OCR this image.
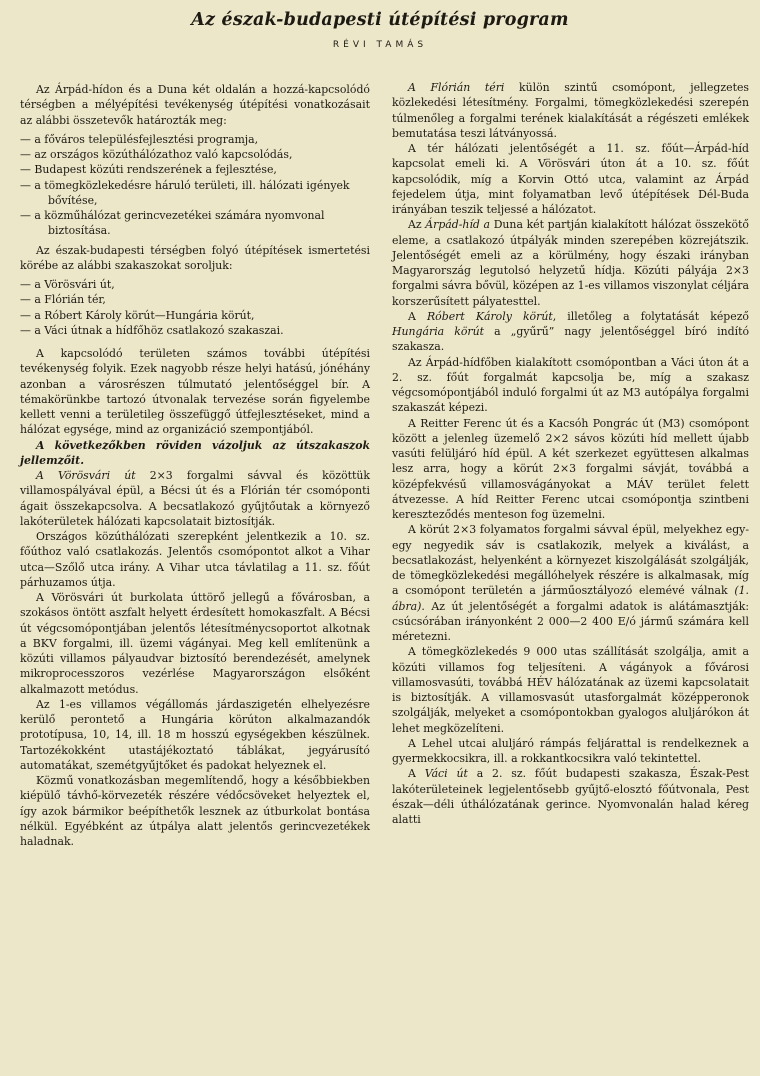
Az észak-budapesti útépítési program
RÉVI TAMÁS

Az Árpád-hídon és a Duna két oldalán a hozzá-kapcsolódó térségben a mélyépítési tevékenység útépítési vonatkozásait az alábbi összetevők határozták meg:

— a főváros településfejlesztési programja,

— az országos közúthálózathoz való kapcsolódás,

— Budapest közúti rendszerének a fejlesztése,

— a tömegközlekedésre háruló területi, ill. hálózati igények bővítése,

— a közműhálózat gerincvezetékei számára nyomvonal biztosítása.

Az észak-budapesti térségben folyó útépítések ismertetési körébe az alábbi szakaszokat soroljuk:

— a Vörösvári út,

— a Flórián tér,

— a Róbert Károly körút—Hungária körút,

— a Váci útnak a hídfőhöz csatlakozó szakaszai.

A kapcsolódó területen számos további útépítési tevékenység folyik. Ezek nagyobb része helyi hatású, jónéhány azonban a városrészen túlmutató jelentőséggel bír. A témakörünkbe tartozó útvonalak tervezése során figyelembe kellett venni a területileg összefüggő útfejlesztéseket, mind a hálózat egysége, mind az organizáció szempontjából.

A következőkben röviden vázoljuk az útszakaszok jellemzőit.

A Vörösvári út 2×3 forgalmi sávval és közöttük villamospályával épül, a Bécsi út és a Flórián tér csomóponti ágait összekapcsolva. A becsatlakozó gyűjtőutak a környező lakóterületek hálózati kapcsolatait biztosítják.

Országos közúthálózati szerepként jelentkezik a 10. sz. főúthoz való csatlakozás. Jelentős csomópontot alkot a Vihar utca—Szőlő utca irány. A Vihar utca távlatilag a 11. sz. főút párhuzamos útja.

A Vörösvári út burkolata úttörő jellegű a fővárosban, a szokásos öntött aszfalt helyett érdesített homokaszfalt. A Bécsi út végcsomópontjában jelentős létesítménycsoportot alkotnak a BKV forgalmi, ill. üzemi vágányai. Meg kell említenünk a közúti villamos pályaudvar biztosító berendezését, amelynek mikroprocesszoros vezérlése Magyarországon elsőként alkalmazott metódus.

Az 1-es villamos végállomás járdaszigetén elhelyezésre kerülő perontető a Hungária körúton alkalmazandók prototípusa, 10, 14, ill. 18 m hosszú egységekben készülnek. Tartozékokként utastájékoztató táblákat, jegyárusító automatákat, szemétgyűjtőket és padokat helyeznek el.

Közmű vonatkozásban megemlítendő, hogy a későbbiekben kiépülő távhő-körvezeték részére védőcsöveket helyeztek el, így azok bármikor beépíthetők lesznek az útburkolat bontása nélkül. Egyébként az útpálya alatt jelentős gerincvezetékek haladnak.

A Flórián téri külön szintű csomópont, jellegzetes közlekedési létesítmény. Forgalmi, tömegközlekedési szerepén túlmenőleg a forgalmi terének kialakítását a régészeti emlékek bemutatása teszi látványossá.

A tér hálózati jelentőségét a 11. sz. főút—Árpád-híd kapcsolat emeli ki. A Vörösvári úton át a 10. sz. főút kapcsolódik, míg a Korvin Ottó utca, valamint az Árpád fejedelem útja, mint folyamatban levő útépítések Dél-Buda irányában teszik teljessé a hálózatot.

Az Árpád-híd a Duna két partján kialakított hálózat összekötő eleme, a csatlakozó útpályák minden szerepében közrejátszik. Jelentőségét emeli az a körülmény, hogy északi irányban Magyarország legutolsó helyzetű hídja. Közúti pályája 2×3 forgalmi sávra bővül, középen az 1-es villamos viszonylat céljára korszerűsített pályatesttel.

A Róbert Károly körút, illetőleg a folytatását képező Hungária körút a „gyűrű” nagy jelentőséggel bíró indító szakasza.

Az Árpád-hídfőben kialakított csomópontban a Váci úton át a 2. sz. főút forgalmát kapcsolja be, míg a szakasz végcsomópontjából induló forgalmi út az M3 autópálya forgalmi szakaszát képezi.

A Reitter Ferenc út és a Kacsóh Pongrác út (M3) csomópont között a jelenleg üzemelő 2×2 sávos közúti híd mellett újabb vasúti felüljáró híd épül. A két szerkezet együttesen alkalmas lesz arra, hogy a körút 2×3 forgalmi sávját, továbbá a középfekvésű villamosvágányokat a MÁV terület felett átvezesse. A híd Reitter Ferenc utcai csomópontja szintbeni kereszteződés menteson fog üzemelni.

A körút 2×3 folyamatos forgalmi sávval épül, melyekhez egy-egy negyedik sáv is csatlakozik, melyek a kiválást, a becsatlakozást, helyenként a környezet kiszolgálását szolgálják, de tömegközlekedési megállóhelyek részére is alkalmasak, míg a csomópont területén a járműosztályozó elemévé válnak (1. ábra). Az út jelentőségét a forgalmi adatok is alátámasztják: csúcsórában irányonként 2 000—2 400 E/ó jármű számára kell méretezni.

A tömegközlekedés 9 000 utas szállítását szolgálja, amit a közúti villamos fog teljesíteni. A vágányok a fővárosi villamosvasúti, továbbá HÉV hálózatának az üzemi kapcsolatait is biztosítják. A villamosvasút utasforgalmát középperonok szolgálják, melyeket a csomópontokban gyalogos aluljárókon át lehet megközelíteni.

A Lehel utcai aluljáró rámpás feljárattal is rendelkeznek a gyermekkocsikra, ill. a rokkantkocsikra való tekintettel.

A Váci út a 2. sz. főút budapesti szakasza, Észak-Pest lakóterületeinek legjelentősebb gyűjtő-elosztó főútvonala, Pest észak—déli úthálózatának gerince. Nyomvonalán halad kéreg alatti
